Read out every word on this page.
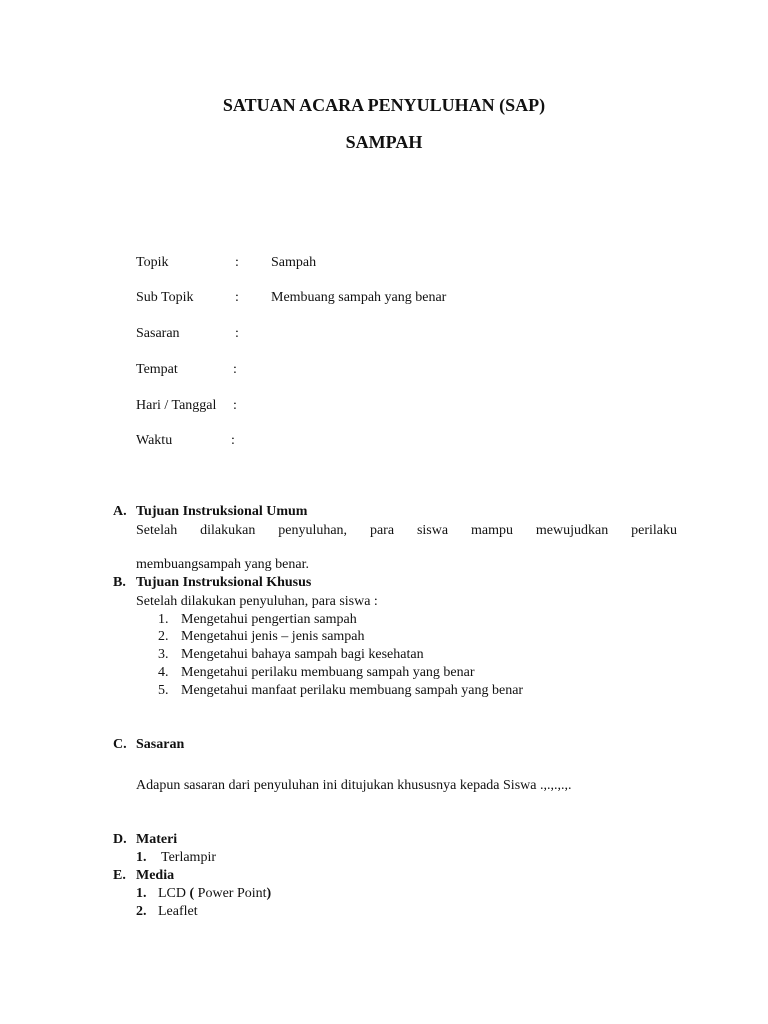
SATUAN ACARA PENYULUHAN (SAP)
SAMPAH
Topik	: Sampah
Sub Topik	: Membuang sampah yang benar
Sasaran	:
Tempat	:
Hari / Tanggal :
Waktu	:
A. Tujuan Instruksional Umum
Setelah dilakukan penyuluhan, para siswa mampu mewujudkan perilaku
membuangsampah yang benar.
B. Tujuan Instruksional Khusus
Setelah dilakukan penyuluhan, para siswa :
1. Mengetahui pengertian sampah
2. Mengetahui jenis – jenis sampah
3. Mengetahui bahaya sampah bagi kesehatan
4. Mengetahui perilaku membuang sampah yang benar
5. Mengetahui manfaat perilaku membuang sampah yang benar
C. Sasaran
Adapun sasaran dari penyuluhan ini ditujukan khususnya kepada Siswa .,.,.,.,.
D. Materi
1. Terlampir
E. Media
1. LCD ( Power Point)
2. Leaflet
